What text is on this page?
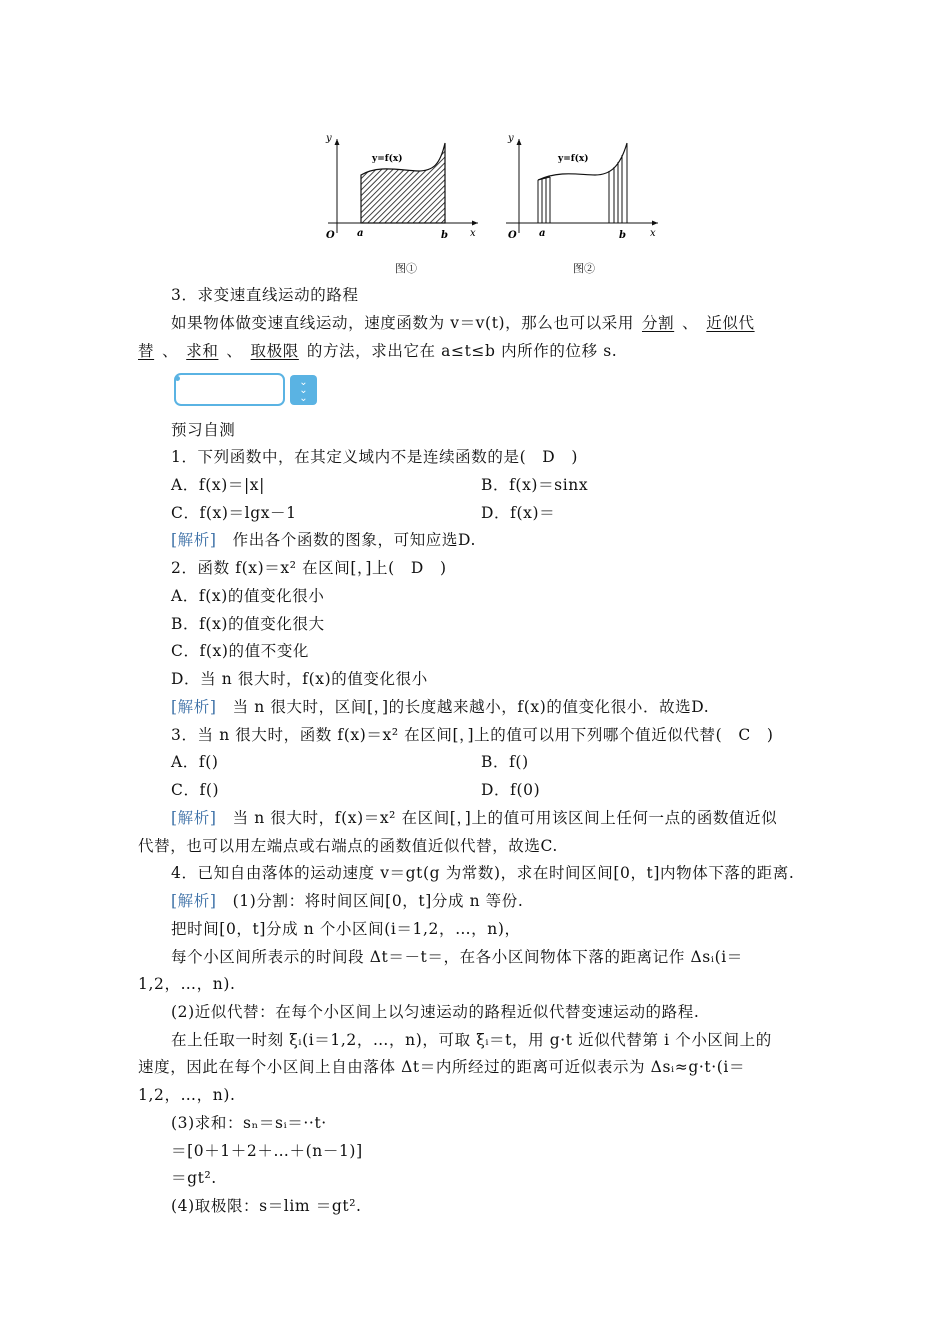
y
x
O a	b
y=f(x)
图①
y
x
O a	b
y=f(x)
图②
3．求变速直线运动的路程
如果物体做变速直线运动，速度函数为 v＝v(t)，那么也可以采用 分割 、 近似代
替 、 求和 、 取极限 的方法，求出它在 a≤t≤b 内所作的位移 s.
⌄
⌄
⌄
预习自测
1．下列函数中，在其定义域内不是连续函数的是(　D　)
A．f(x)＝|x|	B．f(x)＝sinx
C．f(x)＝lgx－1	D．f(x)＝
[解析]　 作出各个函数的图象，可知应选D.
2．函数 f(x)＝x² 在区间[，]上(　D　)
A．f(x)的值变化很小
B．f(x)的值变化很大
C．f(x)的值不变化
D．当 n 很大时，f(x)的值变化很小
[解析]　 当 n 很大时，区间[，]的长度越来越小，f(x)的值变化很小．故选D.
3．当 n 很大时，函数 f(x)＝x² 在区间[，]上的值可以用下列哪个值近似代替(　C　)
A．f()	B．f()
C．f()	D．f(0)
[解析]　 当 n 很大时，f(x)＝x² 在区间[，]上的值可用该区间上任何一点的函数值近似
代替，也可以用左端点或右端点的函数值近似代替，故选C.
4．已知自由落体的运动速度 v＝gt(g 为常数)，求在时间区间[0，t]内物体下落的距离.
[解析]　 (1)分割：将时间区间[0，t]分成 n 等份.
把时间[0，t]分成 n 个小区间(i＝1,2，…，n)，
每个小区间所表示的时间段 Δt＝－t＝，在各小区间物体下落的距离记作 Δsᵢ(i＝
1,2，…，n).
(2)近似代替：在每个小区间上以匀速运动的路程近似代替变速运动的路程.
在上任取一时刻 ξᵢ(i＝1,2，…，n)，可取 ξᵢ＝t，用 g·t 近似代替第 i 个小区间上的
速度，因此在每个小区间上自由落体 Δt＝内所经过的距离可近似表示为 Δsᵢ≈g·t·(i＝
1,2，…，n).
(3)求和：sₙ＝sᵢ＝··t·
＝[0＋1＋2＋…＋(n－1)]
＝gt².
(4)取极限：s＝lim ＝gt².
